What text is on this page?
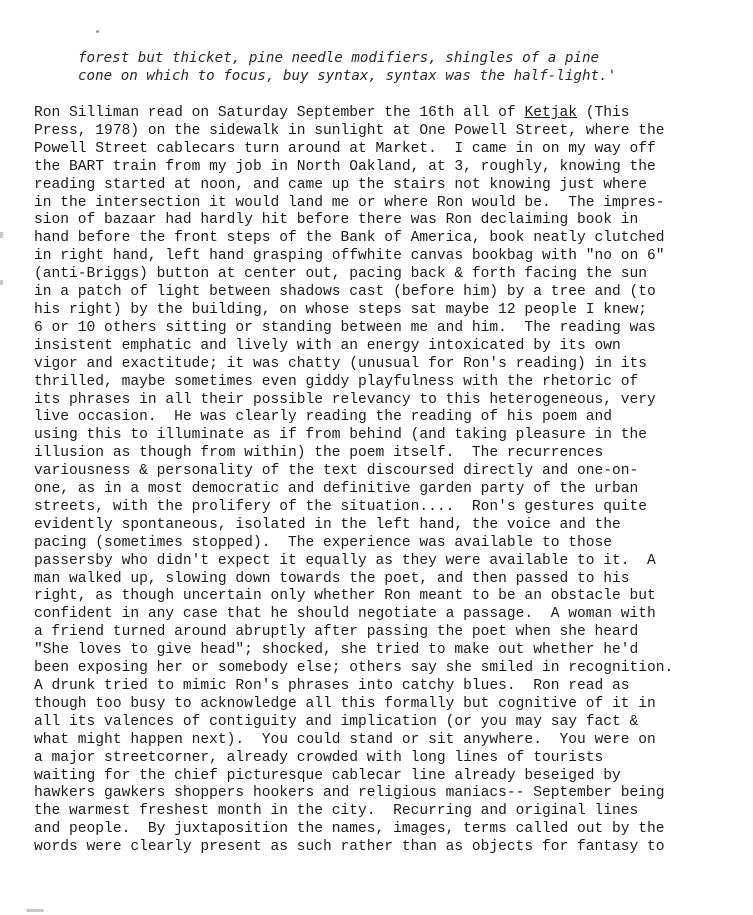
forest but thicket, pine needle modifiers, shingles of a pine
cone on which to focus, buy syntax, syntax was the half-light.'
Ron Silliman read on Saturday September the 16th all of Ketjak (This
Press, 1978) on the sidewalk in sunlight at One Powell Street, where the
Powell Street cablecars turn around at Market.  I came in on my way off
the BART train from my job in North Oakland, at 3, roughly, knowing the
reading started at noon, and came up the stairs not knowing just where
in the intersection it would land me or where Ron would be.  The impres-
sion of bazaar had hardly hit before there was Ron declaiming book in
hand before the front steps of the Bank of America, book neatly clutched
in right hand, left hand grasping offwhite canvas bookbag with "no on 6"
(anti-Briggs) button at center out, pacing back & forth facing the sun
in a patch of light between shadows cast (before him) by a tree and (to
his right) by the building, on whose steps sat maybe 12 people I knew;
6 or 10 others sitting or standing between me and him.  The reading was
insistent emphatic and lively with an energy intoxicated by its own
vigor and exactitude; it was chatty (unusual for Ron's reading) in its
thrilled, maybe sometimes even giddy playfulness with the rhetoric of
its phrases in all their possible relevancy to this heterogeneous, very
live occasion.  He was clearly reading the reading of his poem and
using this to illuminate as if from behind (and taking pleasure in the
illusion as though from within) the poem itself.  The recurrences
variousness & personality of the text discoursed directly and one-on-
one, as in a most democratic and definitive garden party of the urban
streets, with the prolifery of the situation....  Ron's gestures quite
evidently spontaneous, isolated in the left hand, the voice and the
pacing (sometimes stopped).  The experience was available to those
passersby who didn't expect it equally as they were available to it.  A
man walked up, slowing down towards the poet, and then passed to his
right, as though uncertain only whether Ron meant to be an obstacle but
confident in any case that he should negotiate a passage.  A woman with
a friend turned around abruptly after passing the poet when she heard
"She loves to give head"; shocked, she tried to make out whether he'd
been exposing her or somebody else; others say she smiled in recognition.
A drunk tried to mimic Ron's phrases into catchy blues.  Ron read as
though too busy to acknowledge all this formally but cognitive of it in
all its valences of contiguity and implication (or you may say fact &
what might happen next).  You could stand or sit anywhere.  You were on
a major streetcorner, already crowded with long lines of tourists
waiting for the chief picturesque cablecar line already beseiged by
hawkers gawkers shoppers hookers and religious maniacs-- September being
the warmest freshest month in the city.  Recurring and original lines
and people.  By juxtaposition the names, images, terms called out by the
words were clearly present as such rather than as objects for fantasy to
